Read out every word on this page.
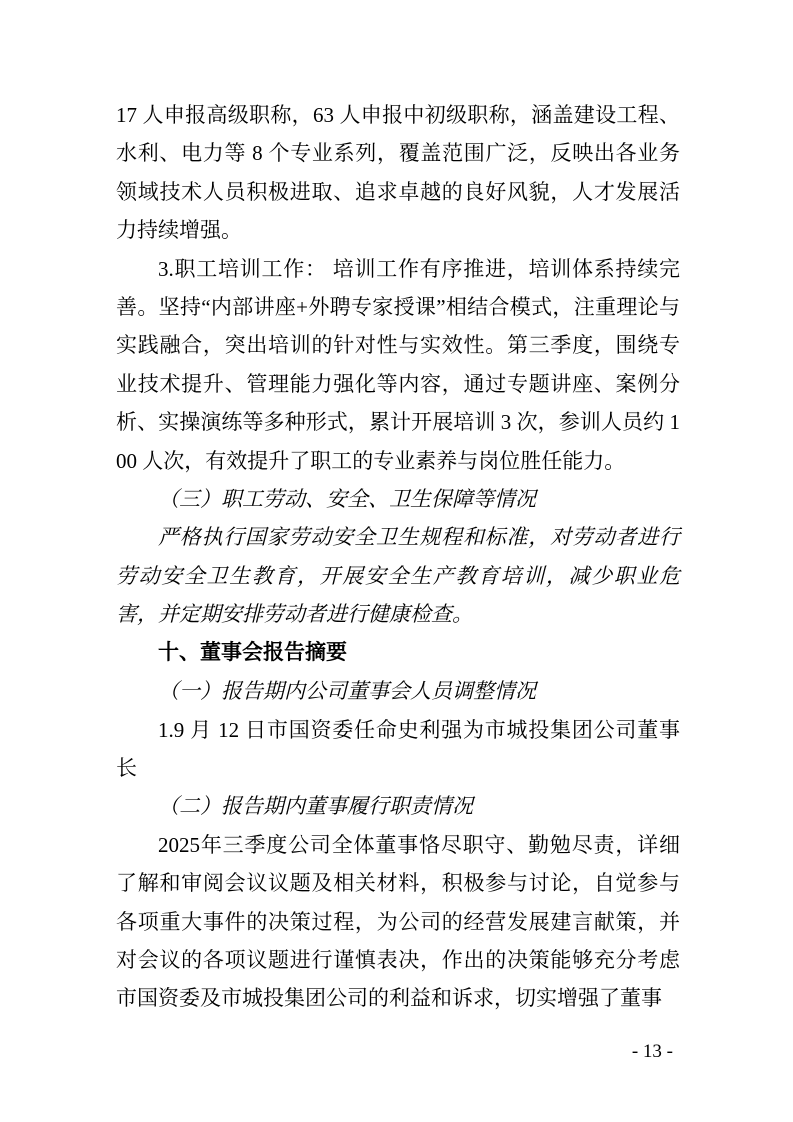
17 人申报高级职称，63 人申报中初级职称，涵盖建设工程、水利、电力等 8 个专业系列，覆盖范围广泛，反映出各业务领域技术人员积极进取、追求卓越的良好风貌，人才发展活力持续增强。

3.职工培训工作： 培训工作有序推进，培训体系持续完善。坚持“内部讲座+外聘专家授课”相结合模式，注重理论与实践融合，突出培训的针对性与实效性。第三季度，围绕专业技术提升、管理能力强化等内容，通过专题讲座、案例分析、实操演练等多种形式，累计开展培训 3 次，参训人员约 100 人次，有效提升了职工的专业素养与岗位胜任能力。

（三）职工劳动、安全、卫生保障等情况

严格执行国家劳动安全卫生规程和标准，对劳动者进行劳动安全卫生教育，开展安全生产教育培训，减少职业危害，并定期安排劳动者进行健康检查。

十、董事会报告摘要

（一）报告期内公司董事会人员调整情况

1.9 月 12 日市国资委任命史利强为市城投集团公司董事长

（二）报告期内董事履行职责情况

2025年三季度公司全体董事恪尽职守、勤勉尽责，详细了解和审阅会议议题及相关材料，积极参与讨论，自觉参与各项重大事件的决策过程，为公司的经营发展建言献策，并对会议的各项议题进行谨慎表决，作出的决策能够充分考虑市国资委及市城投集团公司的利益和诉求，切实增强了董事

- 13 -
